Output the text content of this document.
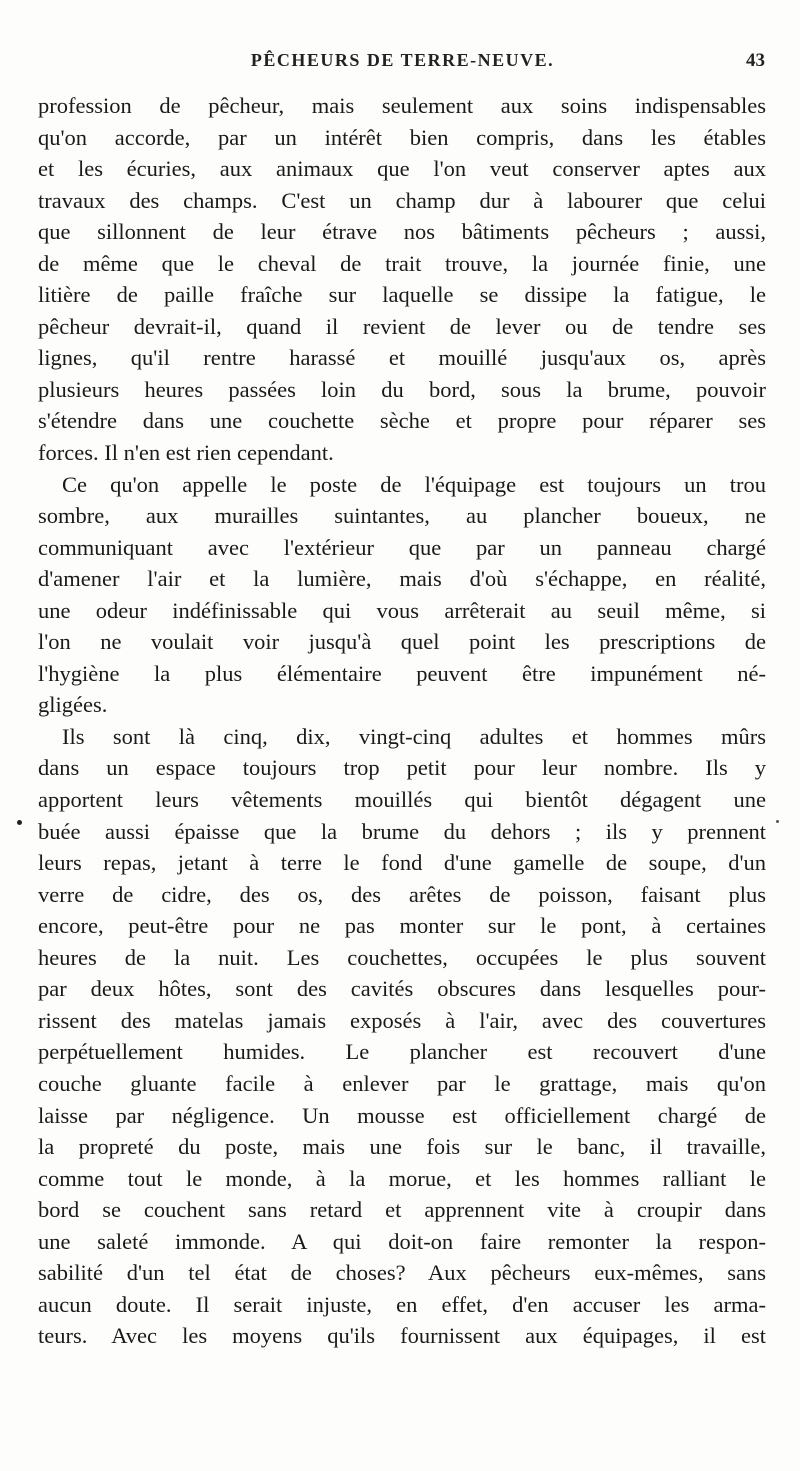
PÊCHEURS DE TERRE-NEUVE.	43
profession de pêcheur, mais seulement aux soins indispensables
qu'on accorde, par un intérêt bien compris, dans les étables
et les écuries, aux animaux que l'on veut conserver aptes aux
travaux des champs. C'est un champ dur à labourer que celui
que sillonnent de leur étrave nos bâtiments pêcheurs ; aussi,
de même que le cheval de trait trouve, la journée finie, une
litière de paille fraîche sur laquelle se dissipe la fatigue, le
pêcheur devrait-il, quand il revient de lever ou de tendre ses
lignes, qu'il rentre harassé et mouillé jusqu'aux os, après
plusieurs heures passées loin du bord, sous la brume, pouvoir
s'étendre dans une couchette sèche et propre pour réparer ses
forces. Il n'en est rien cependant.
Ce qu'on appelle le poste de l'équipage est toujours un trou
sombre, aux murailles suintantes, au plancher boueux, ne
communiquant avec l'extérieur que par un panneau chargé
d'amener l'air et la lumière, mais d'où s'échappe, en réalité,
une odeur indéfinissable qui vous arrêterait au seuil même, si
l'on ne voulait voir jusqu'à quel point les prescriptions de
l'hygiène la plus élémentaire peuvent être impunément né-
gligées.
Ils sont là cinq, dix, vingt-cinq adultes et hommes mûrs
dans un espace toujours trop petit pour leur nombre. Ils y
apportent leurs vêtements mouillés qui bientôt dégagent une
buée aussi épaisse que la brume du dehors ; ils y prennent
leurs repas, jetant à terre le fond d'une gamelle de soupe, d'un
verre de cidre, des os, des arêtes de poisson, faisant plus
encore, peut-être pour ne pas monter sur le pont, à certaines
heures de la nuit. Les couchettes, occupées le plus souvent
par deux hôtes, sont des cavités obscures dans lesquelles pour-
rissent des matelas jamais exposés à l'air, avec des couvertures
perpétuellement humides. Le plancher est recouvert d'une
couche gluante facile à enlever par le grattage, mais qu'on
laisse par négligence. Un mousse est officiellement chargé de
la propreté du poste, mais une fois sur le banc, il travaille,
comme tout le monde, à la morue, et les hommes ralliant le
bord se couchent sans retard et apprennent vite à croupir dans
une saleté immonde. A qui doit-on faire remonter la respon-
sabilité d'un tel état de choses? Aux pêcheurs eux-mêmes, sans
aucun doute. Il serait injuste, en effet, d'en accuser les arma-
teurs. Avec les moyens qu'ils fournissent aux équipages, il est
